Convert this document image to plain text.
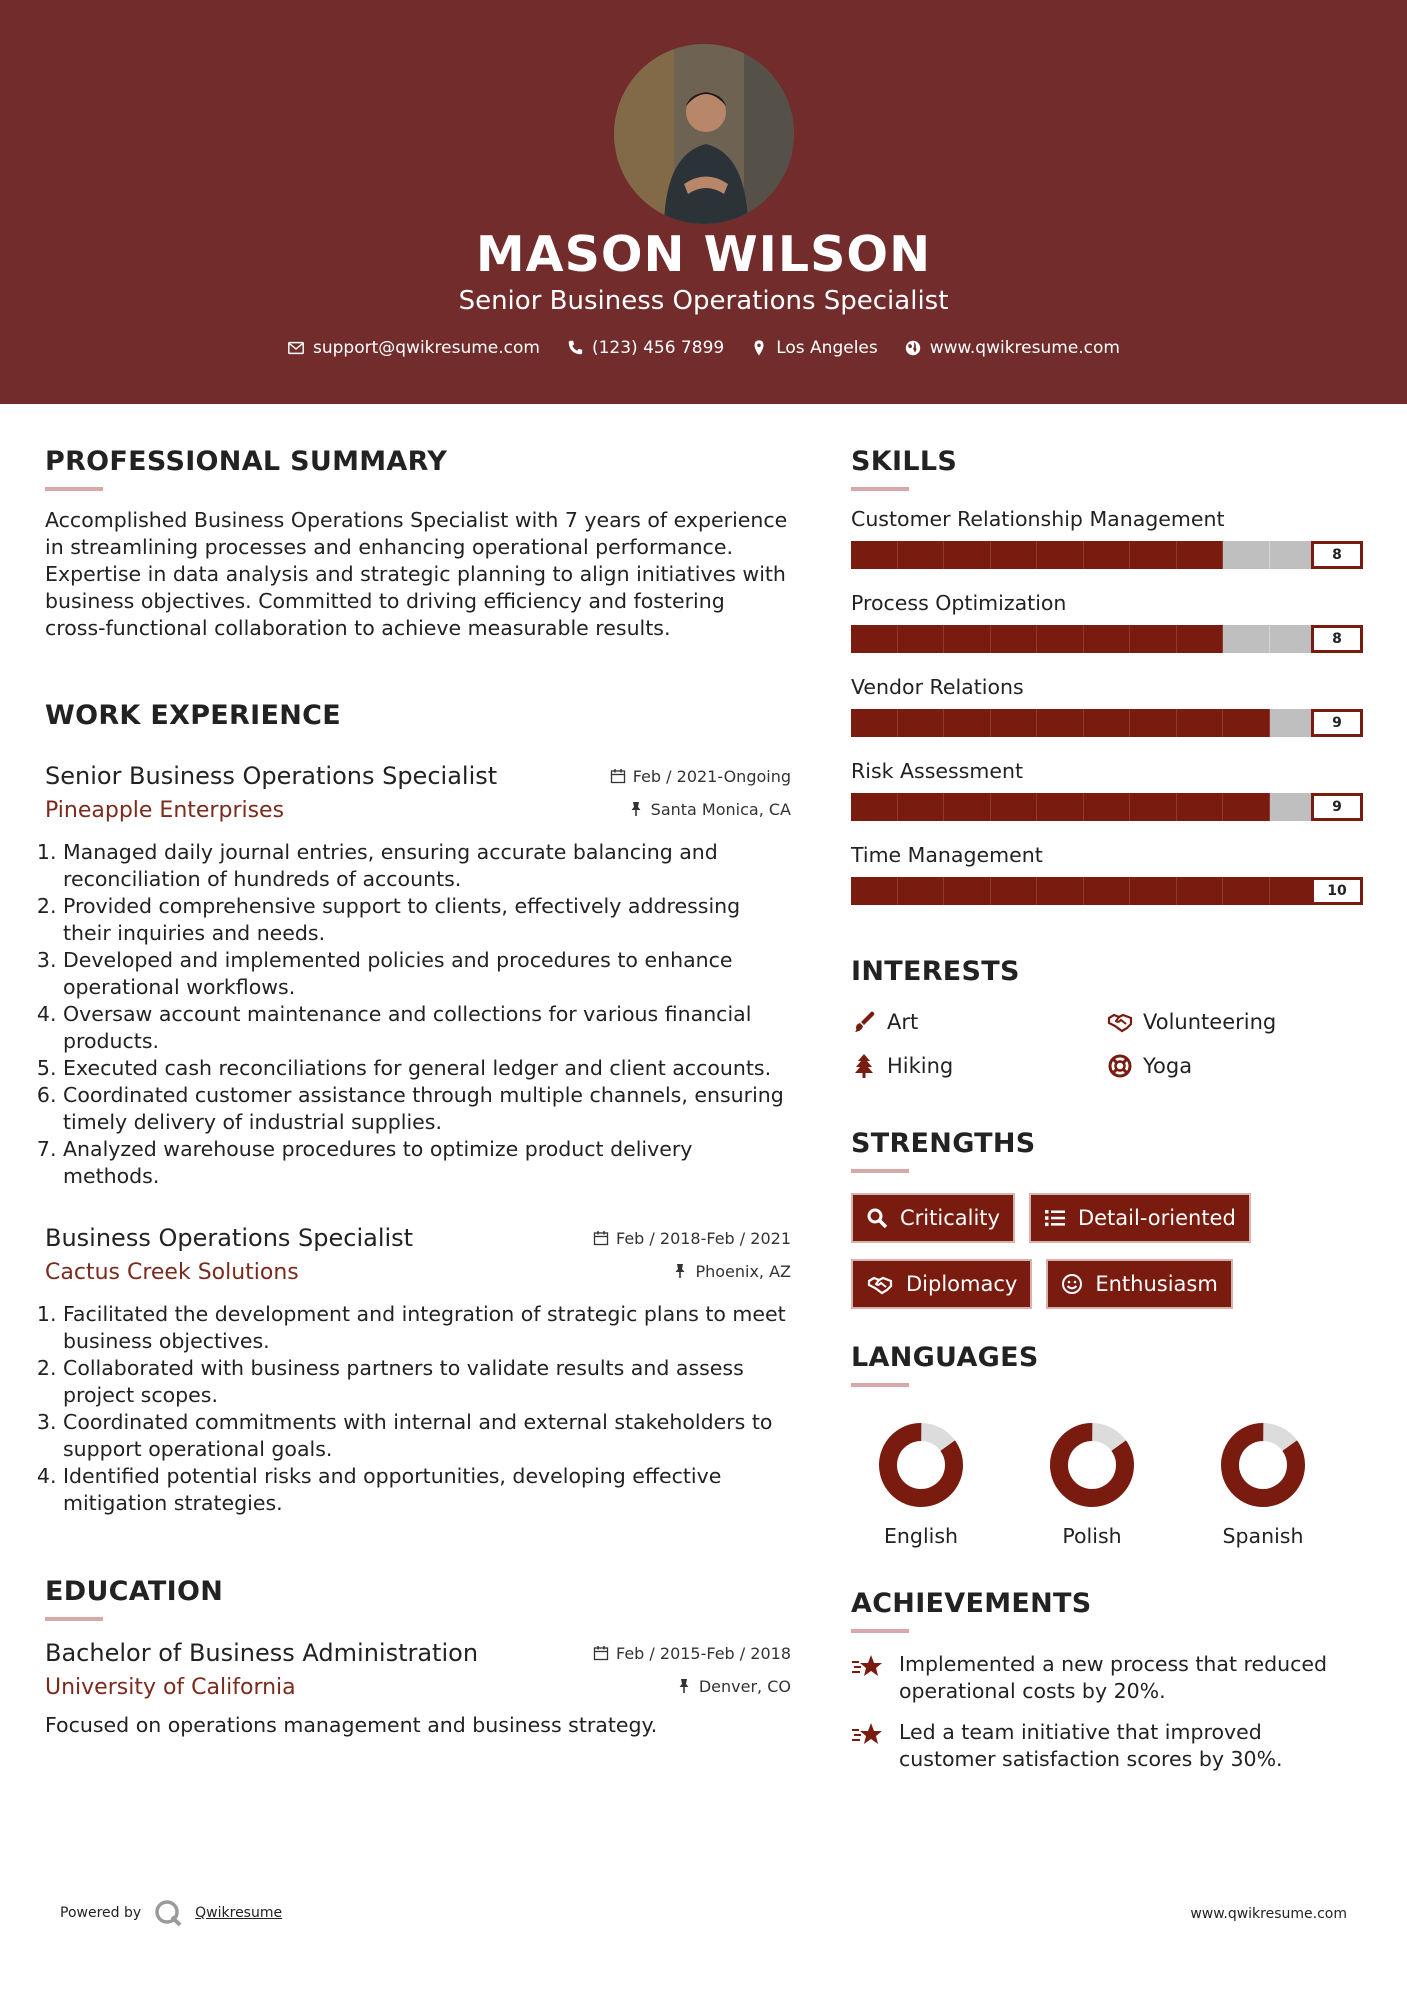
MASON WILSON
Senior Business Operations Specialist
support@qwikresume.com	(123) 456 7899	Los Angeles	www.qwikresume.com
PROFESSIONAL SUMMARY

Accomplished Business Operations Specialist with 7 years of experience in streamlining processes and enhancing operational performance. Expertise in data analysis and strategic planning to align initiatives with business objectives. Committed to driving efficiency and fostering cross-functional collaboration to achieve measurable results.

WORK EXPERIENCE
Senior Business Operations Specialist	Feb / 2021-Ongoing
Pineapple Enterprises	Santa Monica, CA
1. Managed daily journal entries, ensuring accurate balancing and reconciliation of hundreds of accounts.
2. Provided comprehensive support to clients, effectively addressing their inquiries and needs.
3. Developed and implemented policies and procedures to enhance operational workflows.
4. Oversaw account maintenance and collections for various financial products.
5. Executed cash reconciliations for general ledger and client accounts.
6. Coordinated customer assistance through multiple channels, ensuring timely delivery of industrial supplies.
7. Analyzed warehouse procedures to optimize product delivery methods.
Business Operations Specialist	Feb / 2018-Feb / 2021
Cactus Creek Solutions	Phoenix, AZ
1. Facilitated the development and integration of strategic plans to meet business objectives.
2. Collaborated with business partners to validate results and assess project scopes.
3. Coordinated commitments with internal and external stakeholders to support operational goals.
4. Identified potential risks and opportunities, developing effective mitigation strategies.
EDUCATION
Bachelor of Business Administration	Feb / 2015-Feb / 2018
University of California	Denver, CO

Focused on operations management and business strategy.

SKILLS
Customer Relationship Management
8
Process Optimization
8
Vendor Relations
9
Risk Assessment
9
Time Management
10
INTERESTS
Art	Volunteering
Hiking	Yoga
STRENGTHS
Criticality	Detail-oriented
Diplomacy	Enthusiasm
LANGUAGES
English	Polish	Spanish
ACHIEVEMENTS
Implemented a new process that reduced operational costs by 20%.
Led a team initiative that improved customer satisfaction scores by 30%.
Powered by	Qwikresume	www.qwikresume.com
